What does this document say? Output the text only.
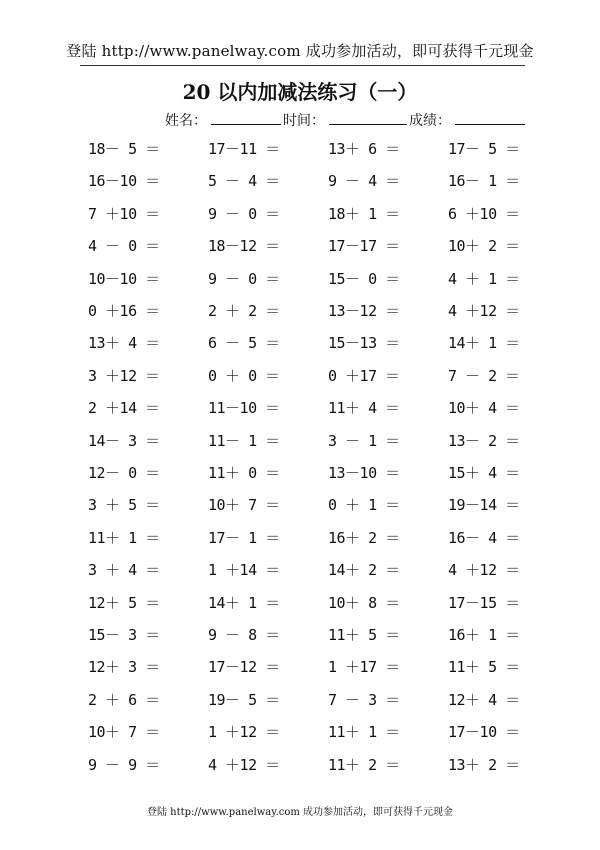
登陆 http://www.panelway.com 成功参加活动，即可获得千元现金
20 以内加减法练习（一）
姓名：	时间：	成绩：
18－ 5 ＝	17－11 ＝	13＋ 6 ＝	17－ 5 ＝
16－10 ＝	5 － 4 ＝	9 － 4 ＝	16－ 1 ＝
7 ＋10 ＝	9 － 0 ＝	18＋ 1 ＝	6 ＋10 ＝
4 － 0 ＝	18－12 ＝	17－17 ＝	10＋ 2 ＝
10－10 ＝	9 － 0 ＝	15－ 0 ＝	4 ＋ 1 ＝
0 ＋16 ＝	2 ＋ 2 ＝	13－12 ＝	4 ＋12 ＝
13＋ 4 ＝	6 － 5 ＝	15－13 ＝	14＋ 1 ＝
3 ＋12 ＝	0 ＋ 0 ＝	0 ＋17 ＝	7 － 2 ＝
2 ＋14 ＝	11－10 ＝	11＋ 4 ＝	10＋ 4 ＝
14－ 3 ＝	11－ 1 ＝	3 － 1 ＝	13－ 2 ＝
12－ 0 ＝	11＋ 0 ＝	13－10 ＝	15＋ 4 ＝
3 ＋ 5 ＝	10＋ 7 ＝	0 ＋ 1 ＝	19－14 ＝
11＋ 1 ＝	17－ 1 ＝	16＋ 2 ＝	16－ 4 ＝
3 ＋ 4 ＝	1 ＋14 ＝	14＋ 2 ＝	4 ＋12 ＝
12＋ 5 ＝	14＋ 1 ＝	10＋ 8 ＝	17－15 ＝
15－ 3 ＝	9 － 8 ＝	11＋ 5 ＝	16＋ 1 ＝
12＋ 3 ＝	17－12 ＝	1 ＋17 ＝	11＋ 5 ＝
2 ＋ 6 ＝	19－ 5 ＝	7 － 3 ＝	12＋ 4 ＝
10＋ 7 ＝	1 ＋12 ＝	11＋ 1 ＝	17－10 ＝
9 － 9 ＝	4 ＋12 ＝	11＋ 2 ＝	13＋ 2 ＝
登陆 http://www.panelway.com 成功参加活动，即可获得千元现金
